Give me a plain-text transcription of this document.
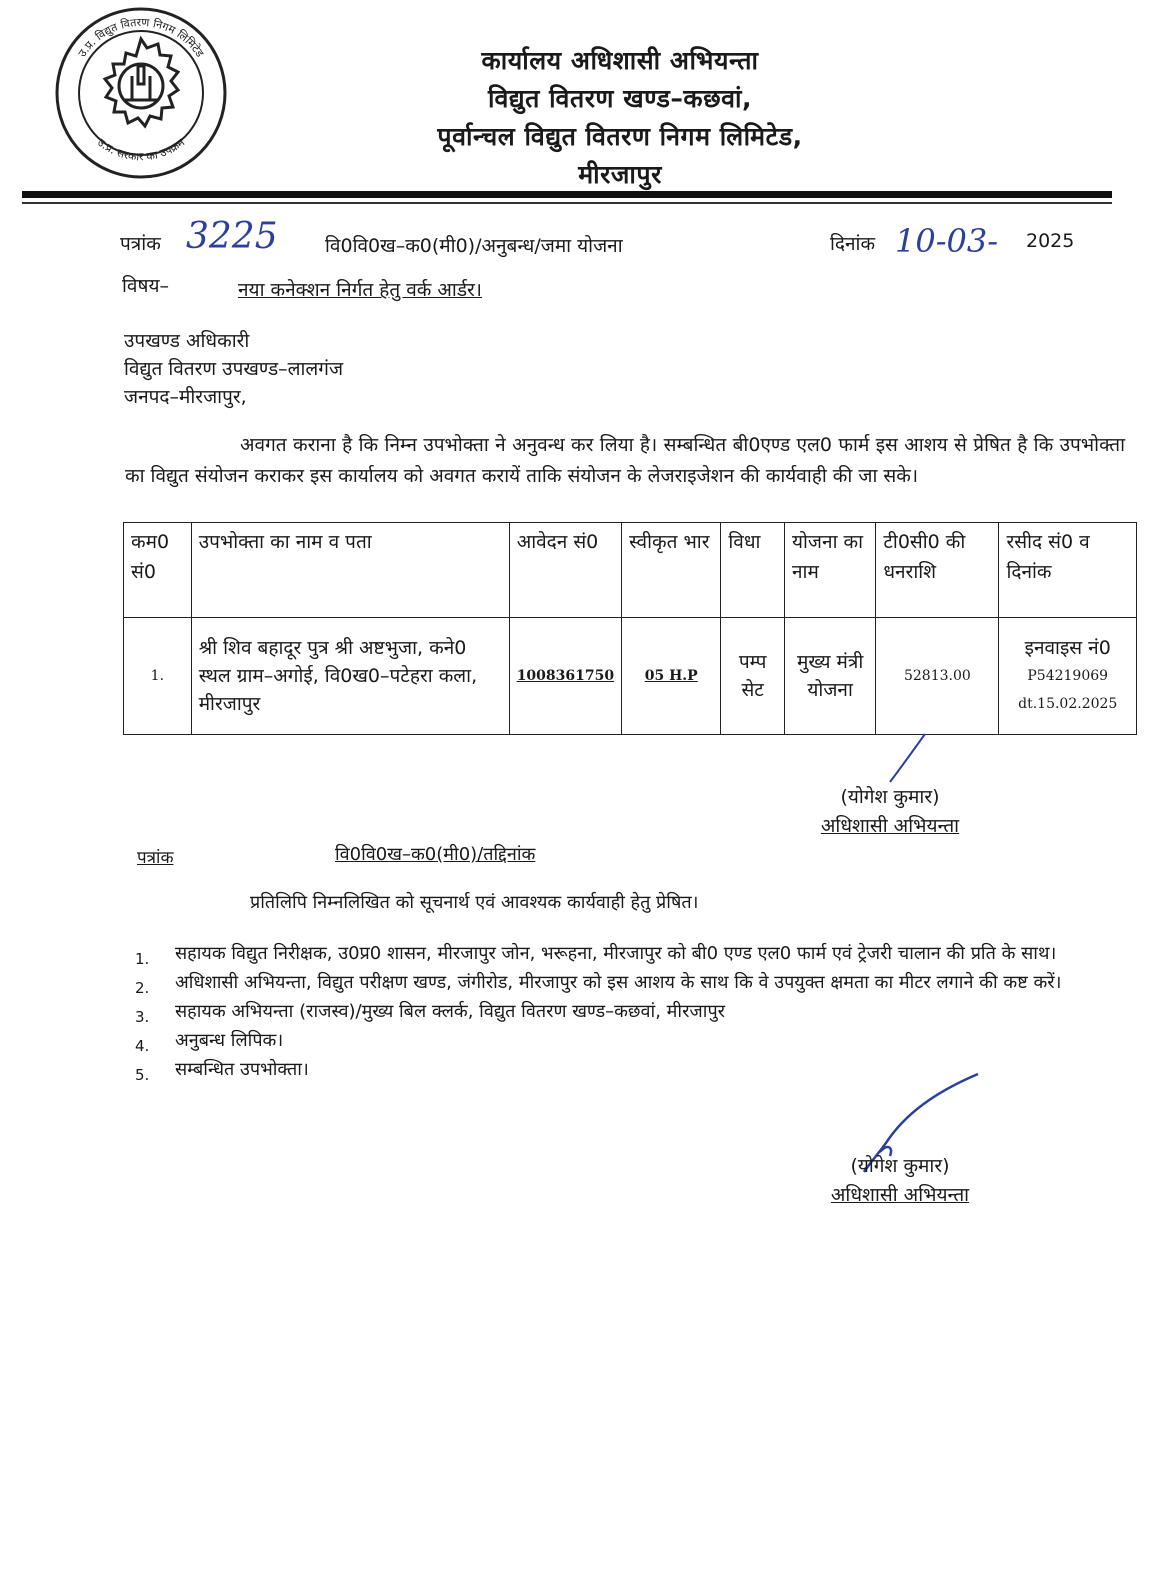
उ.प्र. विद्युत वितरण निगम लिमिटेड
उ.प्र. सरकार का उपक्रम
कार्यालय अधिशासी अभियन्ता
विद्युत वितरण खण्ड–कछवां,
पूर्वान्चल विद्युत वितरण निगम लिमिटेड,
मीरजापुर
पत्रांक 3225 वि0वि0ख–क0(मी0)/अनुबन्ध/जमा योजना	दिनांक 10-03- 2025
विषय–	नया कनेक्शन निर्गत हेतु वर्क आर्डर।
उपखण्ड अधिकारी
विद्युत वितरण उपखण्ड–लालगंज
जनपद–मीरजापुर,
अवगत कराना है कि निम्न उपभोक्ता ने अनुवन्ध कर लिया है। सम्बन्धित बी0एण्ड एल0 फार्म इस आशय से प्रेषित है कि उपभोक्ता का विद्युत संयोजन कराकर इस कार्यालय को अवगत करायें ताकि संयोजन के लेजराइजेशन की कार्यवाही की जा सके।
कम0 सं0	उपभोक्ता का नाम व पता	आवेदन सं0	स्वीकृत भार	विधा	योजना का नाम	टी0सी0 की धनराशि	रसीद सं0 व दिनांक
1.	श्री शिव बहादूर पुत्र श्री अष्टभुजा, कने0 स्थल ग्राम–अगोई, वि0ख0–पटेहरा कला, मीरजापुर	1008361750	05 H.P	पम्प सेट	मुख्य मंत्री योजना	52813.00	इनवाइस नं0
P54219069
dt.15.02.2025
(योगेश कुमार)
अधिशासी अभियन्ता
पत्रांक	वि0वि0ख–क0(मी0)/तद्दिनांक
प्रतिलिपि निम्नलिखित को सूचनार्थ एवं आवश्यक कार्यवाही हेतु प्रेषित।
1. सहायक विद्युत निरीक्षक, उ0प्र0 शासन, मीरजापुर जोन, भरूहना, मीरजापुर को बी0 एण्ड एल0 फार्म एवं ट्रेजरी चालान की प्रति के साथ।
2. अधिशासी अभियन्ता, विद्युत परीक्षण खण्ड, जंगीरोड, मीरजापुर को इस आशय के साथ कि वे उपयुक्त क्षमता का मीटर लगाने की कष्ट करें।
3. सहायक अभियन्ता (राजस्व)/मुख्य बिल क्लर्क, विद्युत वितरण खण्ड–कछवां, मीरजापुर
4. अनुबन्ध लिपिक।
5. सम्बन्धित उपभोक्ता।
(योगेश कुमार)
अधिशासी अभियन्ता
